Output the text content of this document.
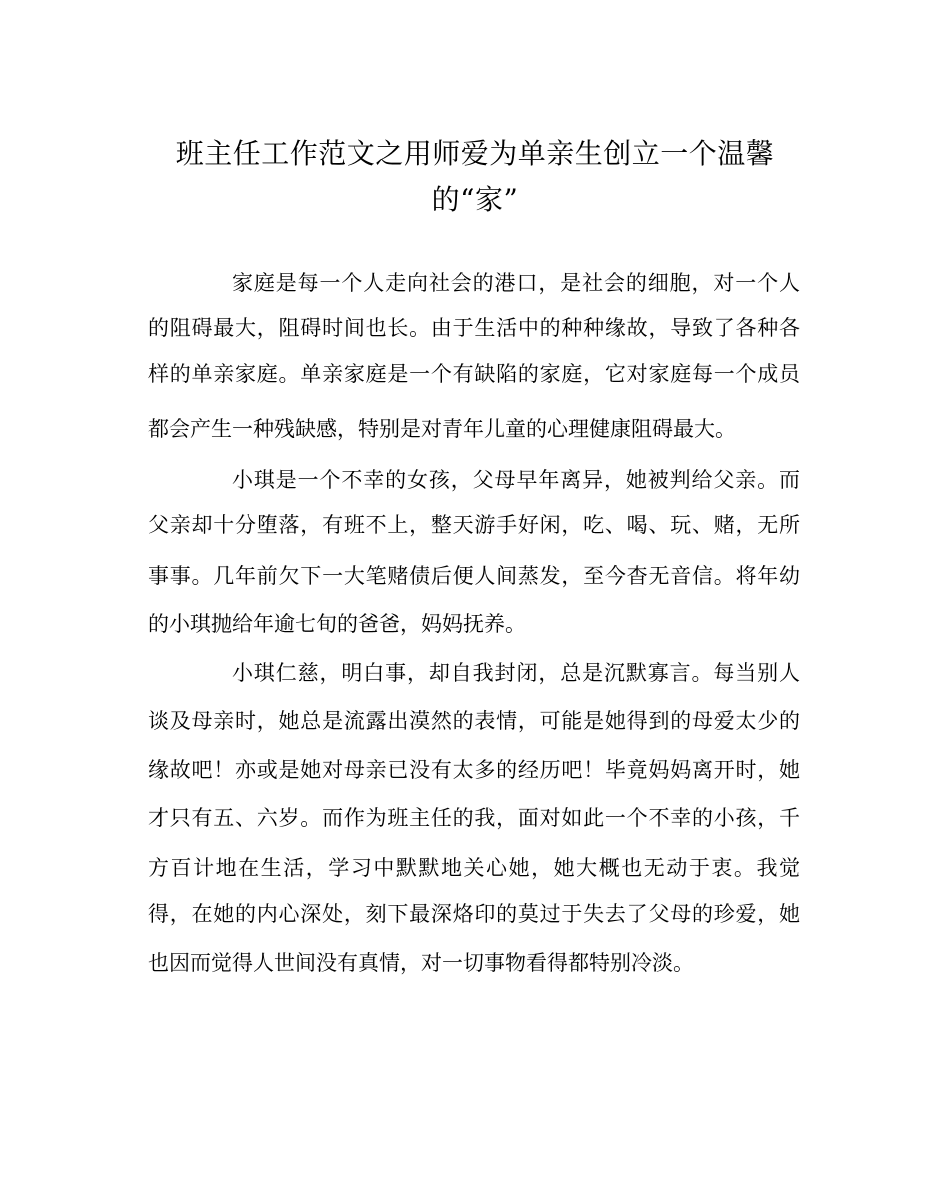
班主任工作范文之用师爱为单亲生创立一个温馨
的“家”
家庭是每一个人走向社会的港口，是社会的细胞，对一个人
的阻碍最大，阻碍时间也长。由于生活中的种种缘故，导致了各种各
样的单亲家庭。单亲家庭是一个有缺陷的家庭，它对家庭每一个成员
都会产生一种残缺感，特别是对青年儿童的心理健康阻碍最大。
小琪是一个不幸的女孩，父母早年离异，她被判给父亲。而
父亲却十分堕落，有班不上，整天游手好闲，吃、喝、玩、赌，无所
事事。几年前欠下一大笔赌债后便人间蒸发，至今杳无音信。将年幼
的小琪抛给年逾七旬的爸爸，妈妈抚养。
小琪仁慈，明白事，却自我封闭，总是沉默寡言。每当别人
谈及母亲时，她总是流露出漠然的表情，可能是她得到的母爱太少的
缘故吧！亦或是她对母亲已没有太多的经历吧！毕竟妈妈离开时，她
才只有五、六岁。而作为班主任的我，面对如此一个不幸的小孩，千
方百计地在生活，学习中默默地关心她，她大概也无动于衷。我觉
得，在她的内心深处，刻下最深烙印的莫过于失去了父母的珍爱，她
也因而觉得人世间没有真情，对一切事物看得都特别冷淡。
